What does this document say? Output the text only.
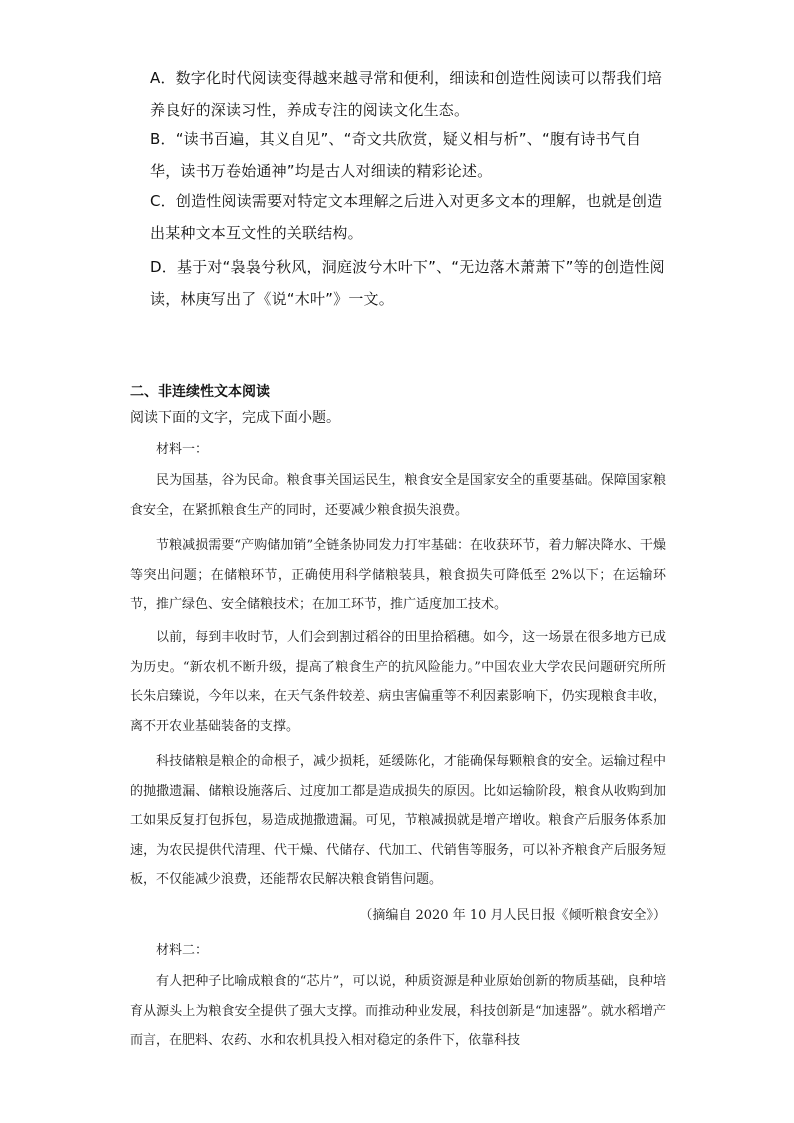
A．数字化时代阅读变得越来越寻常和便利，细读和创造性阅读可以帮我们培养良好的深读习性，养成专注的阅读文化生态。
B．“读书百遍，其义自见”、“奇文共欣赏，疑义相与析”、“腹有诗书气自华，读书万卷始通神”均是古人对细读的精彩论述。
C．创造性阅读需要对特定文本理解之后进入对更多文本的理解，也就是创造出某种文本互文性的关联结构。
D．基于对“袅袅兮秋风，洞庭波兮木叶下”、“无边落木萧萧下”等的创造性阅读，林庚写出了《说“木叶”》一文。
二、非连续性文本阅读
阅读下面的文字，完成下面小题。
材料一：
民为国基，谷为民命。粮食事关国运民生，粮食安全是国家安全的重要基础。保障国家粮食安全，在紧抓粮食生产的同时，还要减少粮食损失浪费。
节粮减损需要“产购储加销”全链条协同发力打牢基础：在收获环节，着力解决降水、干燥等突出问题；在储粮环节，正确使用科学储粮装具，粮食损失可降低至 2%以下；在运输环节，推广绿色、安全储粮技术；在加工环节，推广适度加工技术。
以前，每到丰收时节，人们会到割过稻谷的田里拾稻穗。如今，这一场景在很多地方已成为历史。“新农机不断升级，提高了粮食生产的抗风险能力。”中国农业大学农民问题研究所所长朱启臻说，今年以来，在天气条件较差、病虫害偏重等不利因素影响下，仍实现粮食丰收，离不开农业基础装备的支撑。
科技储粮是粮企的命根子，减少损耗，延缓陈化，才能确保每颗粮食的安全。运输过程中的抛撒遗漏、储粮设施落后、过度加工都是造成损失的原因。比如运输阶段，粮食从收购到加工如果反复打包拆包，易造成抛撒遗漏。可见，节粮减损就是增产增收。粮食产后服务体系加速，为农民提供代清理、代干燥、代储存、代加工、代销售等服务，可以补齐粮食产后服务短板，不仅能减少浪费，还能帮农民解决粮食销售问题。
（摘编自 2020 年 10 月人民日报《倾听粮食安全》）
材料二：
有人把种子比喻成粮食的“芯片”，可以说，种质资源是种业原始创新的物质基础，良种培育从源头上为粮食安全提供了强大支撑。而推动种业发展，科技创新是“加速器”。就水稻增产而言，在肥料、农药、水和农机具投入相对稳定的条件下，依靠科技
